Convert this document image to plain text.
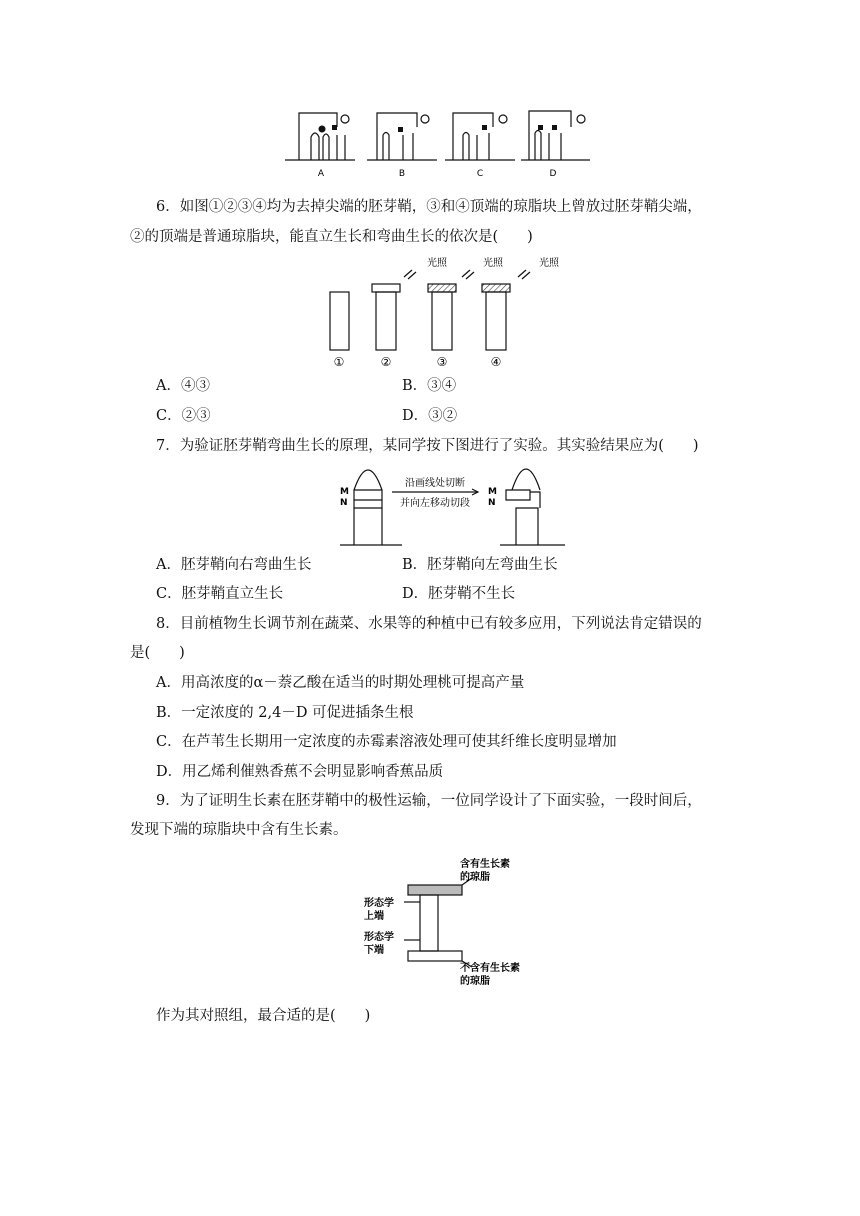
A	B	C	D
6．如图①②③④均为去掉尖端的胚芽鞘，③和④顶端的琼脂块上曾放过胚芽鞘尖端，
②的顶端是普通琼脂块，能直立生长和弯曲生长的依次是(　　)
光照	光照	光照
①	②	③	④
A．④③	B．③④
C．②③	D．③②
7．为验证胚芽鞘弯曲生长的原理，某同学按下图进行了实验。其实验结果应为(　　)
M
N
沿画线处切断
并向左移动切段
M
N
A．胚芽鞘向右弯曲生长	B．胚芽鞘向左弯曲生长
C．胚芽鞘直立生长	D．胚芽鞘不生长
8．目前植物生长调节剂在蔬菜、水果等的种植中已有较多应用，下列说法肯定错误的
是(　　)
A．用高浓度的α－萘乙酸在适当的时期处理桃可提高产量
B．一定浓度的 2,4－D 可促进插条生根
C．在芦苇生长期用一定浓度的赤霉素溶液处理可使其纤维长度明显增加
D．用乙烯利催熟香蕉不会明显影响香蕉品质
9．为了证明生长素在胚芽鞘中的极性运输，一位同学设计了下面实验，一段时间后，
发现下端的琼脂块中含有生长素。
含有生长素
的琼脂
形态学
上端
形态学
下端
不含有生长素
的琼脂
作为其对照组，最合适的是(　　)
